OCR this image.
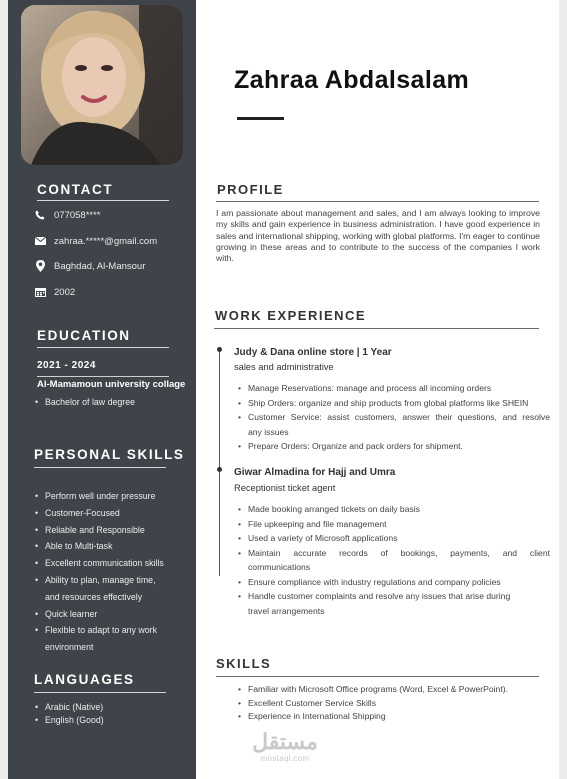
CONTACT
077058****
zahraa.*****@gmail.com
Baghdad, Al-Mansour
2002
EDUCATION
2021 - 2024
Al-Mamamoun university collage
• Bachelor of law degree
PERSONAL SKILLS
• Perform well under pressure
• Customer-Focused
• Reliable and Responsible
• Able to Multi-task
• Excellent communication skills
• Ability to plan, manage time,
and resources effectively
• Quick learner
• Flexible to adapt to any work
environment
LANGUAGES
• Arabic (Native)
• English (Good)
Zahraa Abdalsalam
PROFILE
I am passionate about management and sales, and I am always looking to improve my skills and gain experience in business administration. I have good experience in sales and international shipping, working with global platforms. I'm eager to continue growing in these areas and to contribute to the success of the companies I work with.
WORK EXPERIENCE
Judy & Dana online store | 1 Year
sales and administrative
• Manage Reservations: manage and process all incoming orders
• Ship Orders: organize and ship products from global platforms like SHEIN
• Customer Service: assist customers, answer their questions, and resolve
any issues
• Prepare Orders: Organize and pack orders for shipment.
Giwar Almadina for Hajj and Umra
Receptionist ticket agent
• Made booking arranged tickets on daily basis
• File upkeeping and file management
• Used a variety of Microsoft applications
• Maintain accurate records of bookings, payments, and client
communications
• Ensure compliance with industry regulations and company policies
• Handle customer complaints and resolve any issues that arise during
travel arrangements
SKILLS
• Familiar with Microsoft Office programs (Word, Excel & PowerPoint).
• Excellent Customer Service Skills
• Experience in International Shipping
مستقل
mostaql.com
